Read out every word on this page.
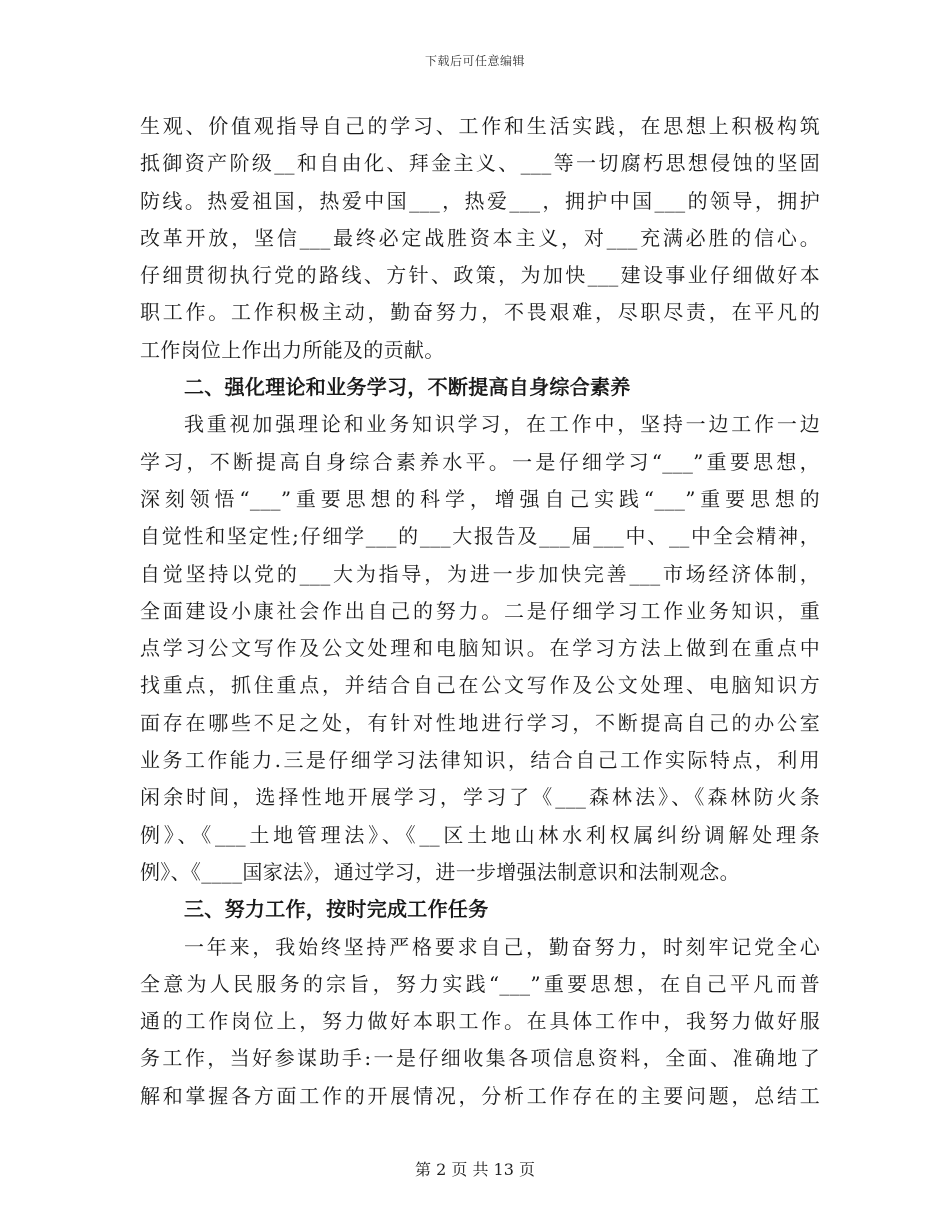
下载后可任意编辑
生观、价值观指导自己的学习、工作和生活实践，在思想上积极构筑
抵御资产阶级__和自由化、拜金主义、___等一切腐朽思想侵蚀的坚固
防线。热爱祖国，热爱中国___，热爱___，拥护中国___的领导，拥护
改革开放，坚信___最终必定战胜资本主义，对___充满必胜的信心。
仔细贯彻执行党的路线、方针、政策，为加快___建设事业仔细做好本
职工作。工作积极主动，勤奋努力，不畏艰难，尽职尽责，在平凡的
工作岗位上作出力所能及的贡献。
二、强化理论和业务学习，不断提高自身综合素养
我重视加强理论和业务知识学习，在工作中，坚持一边工作一边
学习，不断提高自身综合素养水平。一是仔细学习“___”重要思想，
深刻领悟“___”重要思想的科学，增强自己实践“___”重要思想的
自觉性和坚定性;仔细学___的___大报告及___届___中、__中全会精神，
自觉坚持以党的___大为指导，为进一步加快完善___市场经济体制，
全面建设小康社会作出自己的努力。二是仔细学习工作业务知识，重
点学习公文写作及公文处理和电脑知识。在学习方法上做到在重点中
找重点，抓住重点，并结合自己在公文写作及公文处理、电脑知识方
面存在哪些不足之处，有针对性地进行学习，不断提高自己的办公室
业务工作能力.三是仔细学习法律知识，结合自己工作实际特点，利用
闲余时间，选择性地开展学习，学习了《___森林法》、《森林防火条
例》、《___土地管理法》、《__区土地山林水利权属纠纷调解处理条
例》、《____国家法》，通过学习，进一步增强法制意识和法制观念。
三、努力工作，按时完成工作任务
一年来，我始终坚持严格要求自己，勤奋努力，时刻牢记党全心
全意为人民服务的宗旨，努力实践“___”重要思想，在自己平凡而普
通的工作岗位上，努力做好本职工作。在具体工作中，我努力做好服
务工作，当好参谋助手:一是仔细收集各项信息资料，全面、准确地了
解和掌握各方面工作的开展情况，分析工作存在的主要问题，总结工
第 2 页 共 13 页
